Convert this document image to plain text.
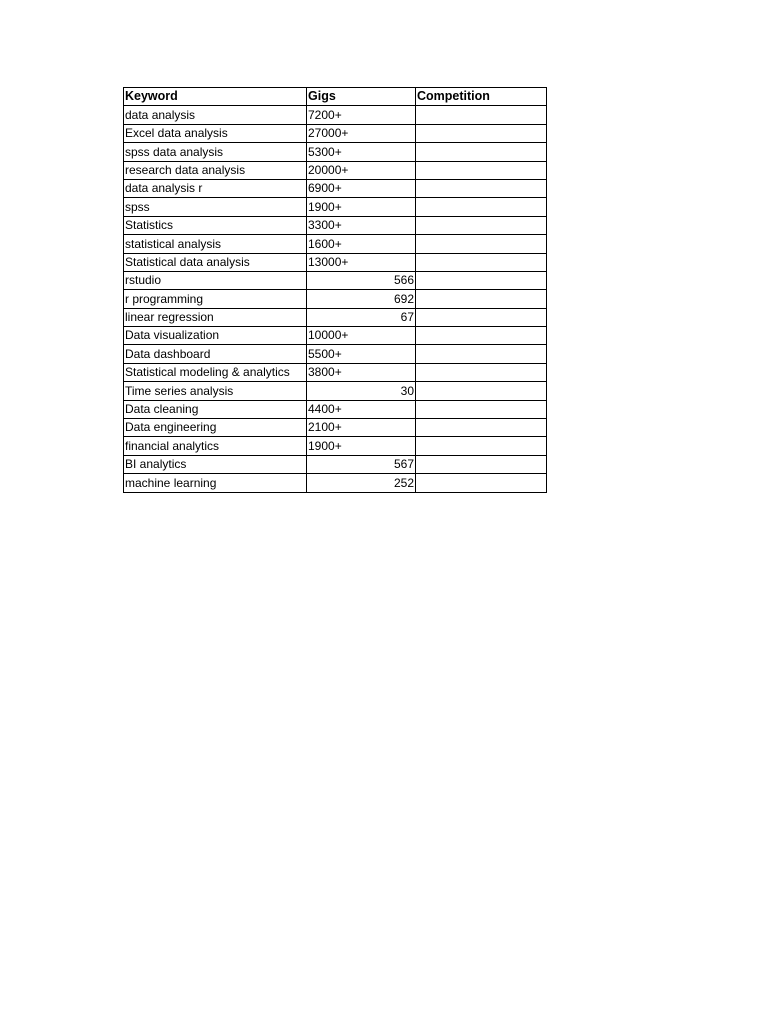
Keyword	Gigs	Competition
data analysis	7200+	
Excel data analysis	27000+	
spss data analysis	5300+	
research data analysis	20000+	
data analysis r	6900+	
spss	1900+	
Statistics	3300+	
statistical analysis	1600+	
Statistical data analysis	13000+	
rstudio	566	
r programming	692	
linear regression	67	
Data visualization	10000+	
Data dashboard	5500+	
Statistical modeling & analytics	3800+	
Time series analysis	30	
Data cleaning	4400+	
Data engineering	2100+	
financial analytics	1900+	
BI analytics	567	
machine learning	252	
